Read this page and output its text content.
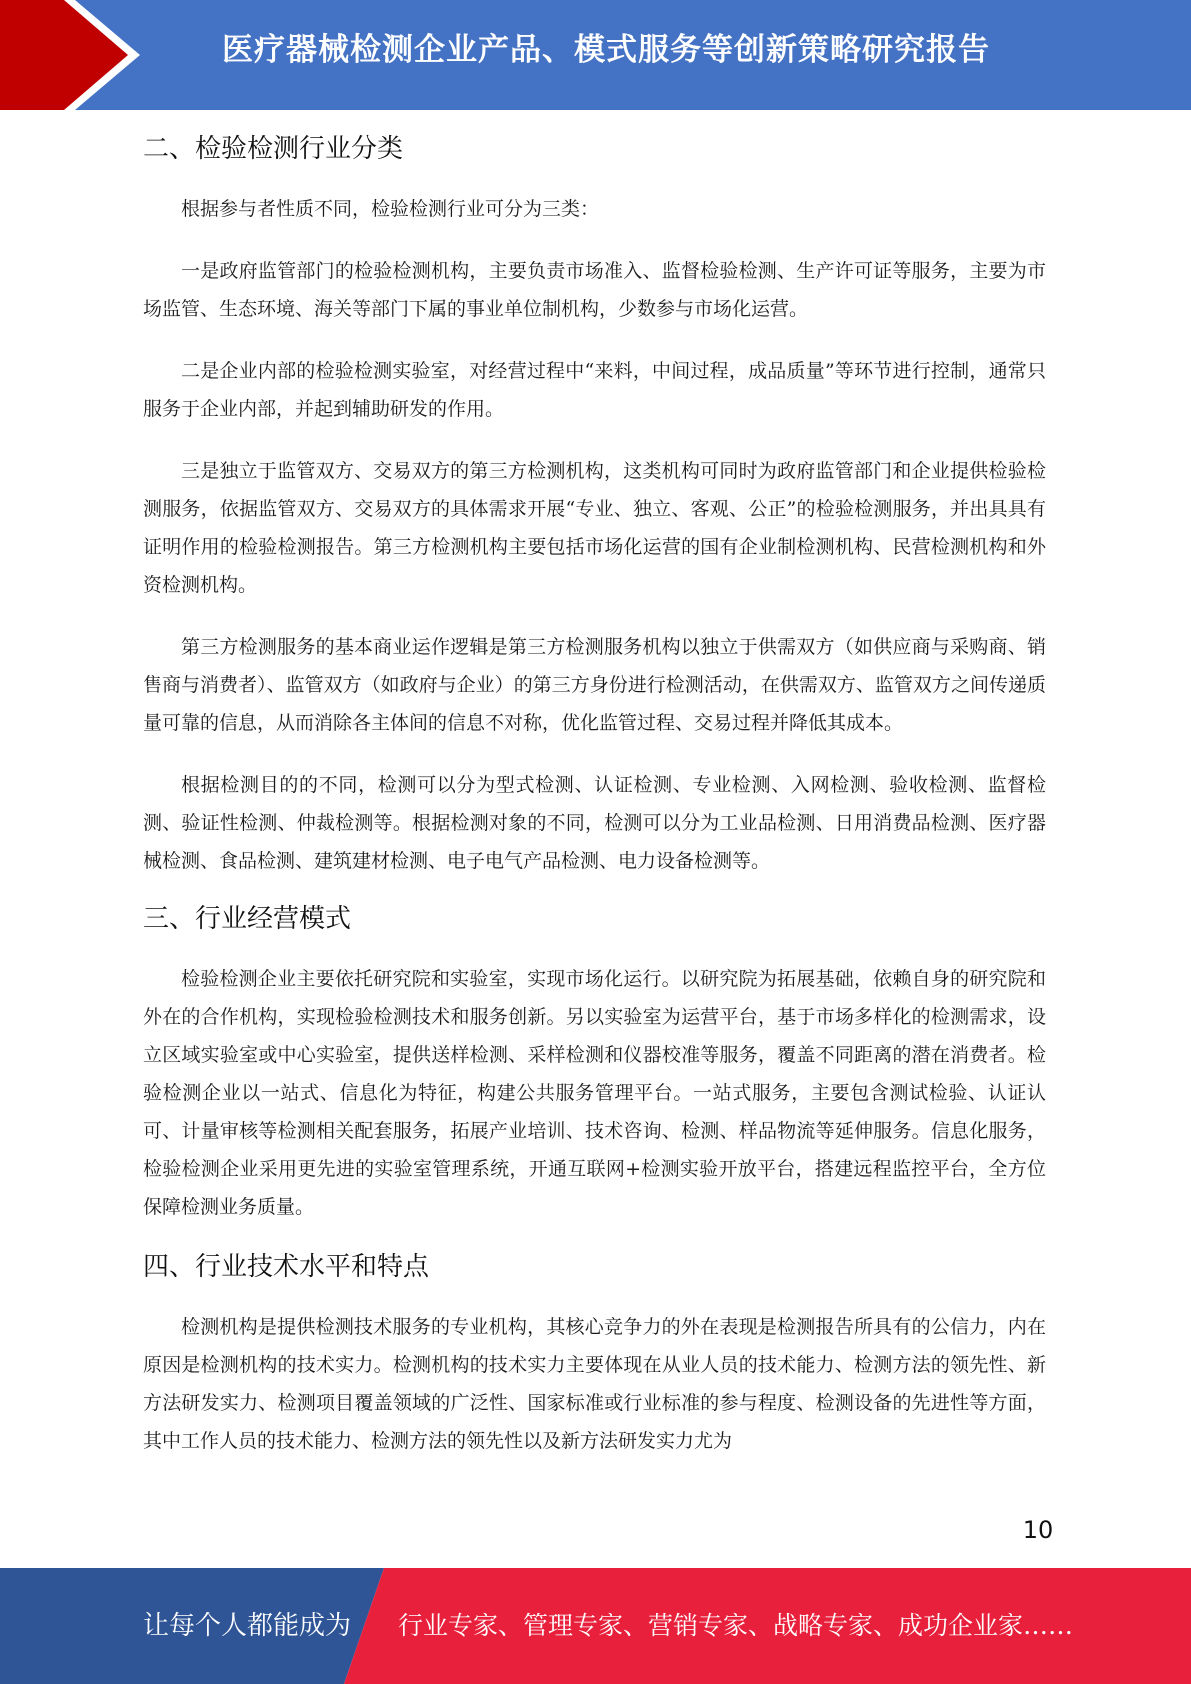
医疗器械检测企业产品、模式服务等创新策略研究报告
二、检验检测行业分类

根据参与者性质不同，检验检测行业可分为三类：

一是政府监管部门的检验检测机构，主要负责市场准入、监督检验检测、生产许可证等服务，主要为市场监管、生态环境、海关等部门下属的事业单位制机构，少数参与市场化运营。

二是企业内部的检验检测实验室，对经营过程中“来料，中间过程，成品质量”等环节进行控制，通常只服务于企业内部，并起到辅助研发的作用。

三是独立于监管双方、交易双方的第三方检测机构，这类机构可同时为政府监管部门和企业提供检验检测服务，依据监管双方、交易双方的具体需求开展“专业、独立、客观、公正”的检验检测服务，并出具具有证明作用的检验检测报告。第三方检测机构主要包括市场化运营的国有企业制检测机构、民营检测机构和外资检测机构。

第三方检测服务的基本商业运作逻辑是第三方检测服务机构以独立于供需双方（如供应商与采购商、销售商与消费者）、监管双方（如政府与企业）的第三方身份进行检测活动，在供需双方、监管双方之间传递质量可靠的信息，从而消除各主体间的信息不对称，优化监管过程、交易过程并降低其成本。

根据检测目的的不同，检测可以分为型式检测、认证检测、专业检测、入网检测、验收检测、监督检测、验证性检测、仲裁检测等。根据检测对象的不同，检测可以分为工业品检测、日用消费品检测、医疗器械检测、食品检测、建筑建材检测、电子电气产品检测、电力设备检测等。

三、行业经营模式

检验检测企业主要依托研究院和实验室，实现市场化运行。以研究院为拓展基础，依赖自身的研究院和外在的合作机构，实现检验检测技术和服务创新。另以实验室为运营平台，基于市场多样化的检测需求，设立区域实验室或中心实验室，提供送样检测、采样检测和仪器校准等服务，覆盖不同距离的潜在消费者。检验检测企业以一站式、信息化为特征，构建公共服务管理平台。一站式服务，主要包含测试检验、认证认可、计量审核等检测相关配套服务，拓展产业培训、技术咨询、检测、样品物流等延伸服务。信息化服务，检验检测企业采用更先进的实验室管理系统，开通互联网+检测实验开放平台，搭建远程监控平台，全方位保障检测业务质量。

四、行业技术水平和特点

检测机构是提供检测技术服务的专业机构，其核心竞争力的外在表现是检测报告所具有的公信力，内在原因是检测机构的技术实力。检测机构的技术实力主要体现在从业人员的技术能力、检测方法的领先性、新方法研发实力、检测项目覆盖领域的广泛性、国家标准或行业标准的参与程度、检测设备的先进性等方面，其中工作人员的技术能力、检测方法的领先性以及新方法研发实力尤为

10
让每个人都能成为 行业专家、管理专家、营销专家、战略专家、成功企业家……
